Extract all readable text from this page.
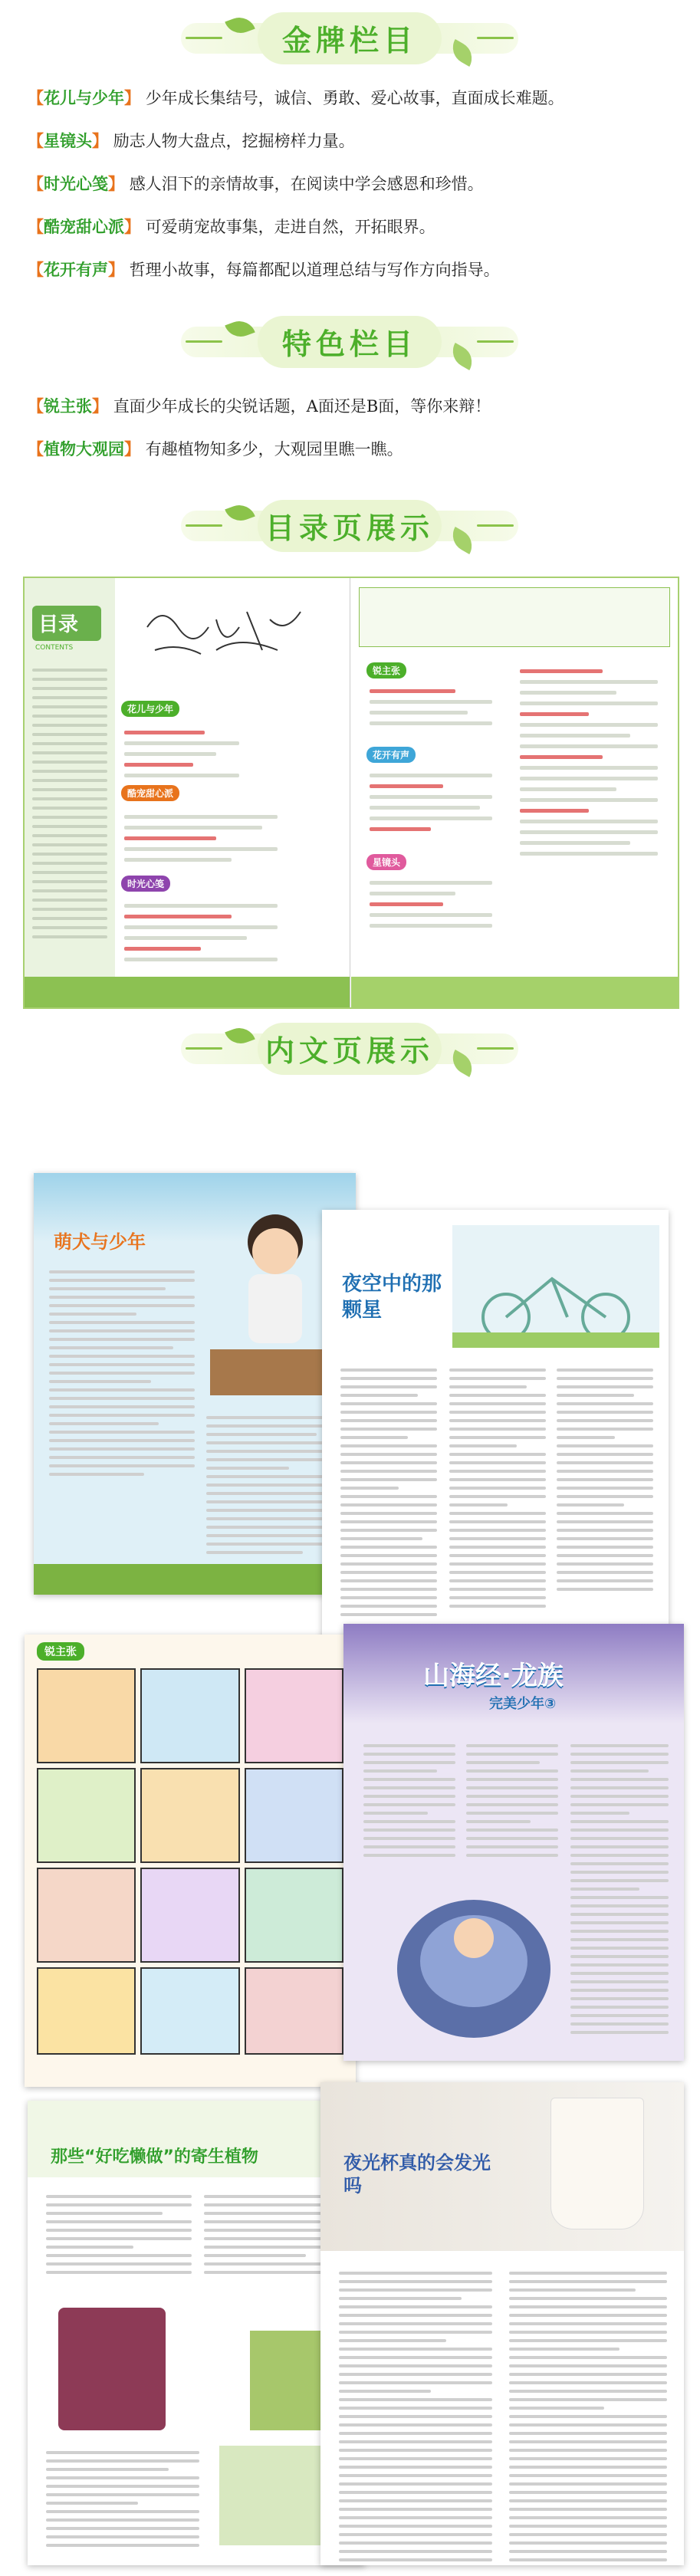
金牌栏目
【花儿与少年】 少年成长集结号，诚信、勇敢、爱心故事，直面成长难题。
【星镜头】 励志人物大盘点，挖掘榜样力量。
【时光心笺】 感人泪下的亲情故事，在阅读中学会感恩和珍惜。
【酷宠甜心派】 可爱萌宠故事集，走进自然，开拓眼界。
【花开有声】 哲理小故事，每篇都配以道理总结与写作方向指导。
特色栏目
【锐主张】 直面少年成长的尖锐话题，A面还是B面，等你来辩！
【植物大观园】 有趣植物知多少，大观园里瞧一瞧。
目录页展示
目录
CONTENTS
花儿与少年
酷宠甜心派
时光心笺
锐主张
花开有声
星镜头
内文页展示
萌犬与少年
夜空中的那颗星
锐主张
山海经·龙族
完美少年③
那些“好吃懒做”的寄生植物	夜光杯真的会发光吗
